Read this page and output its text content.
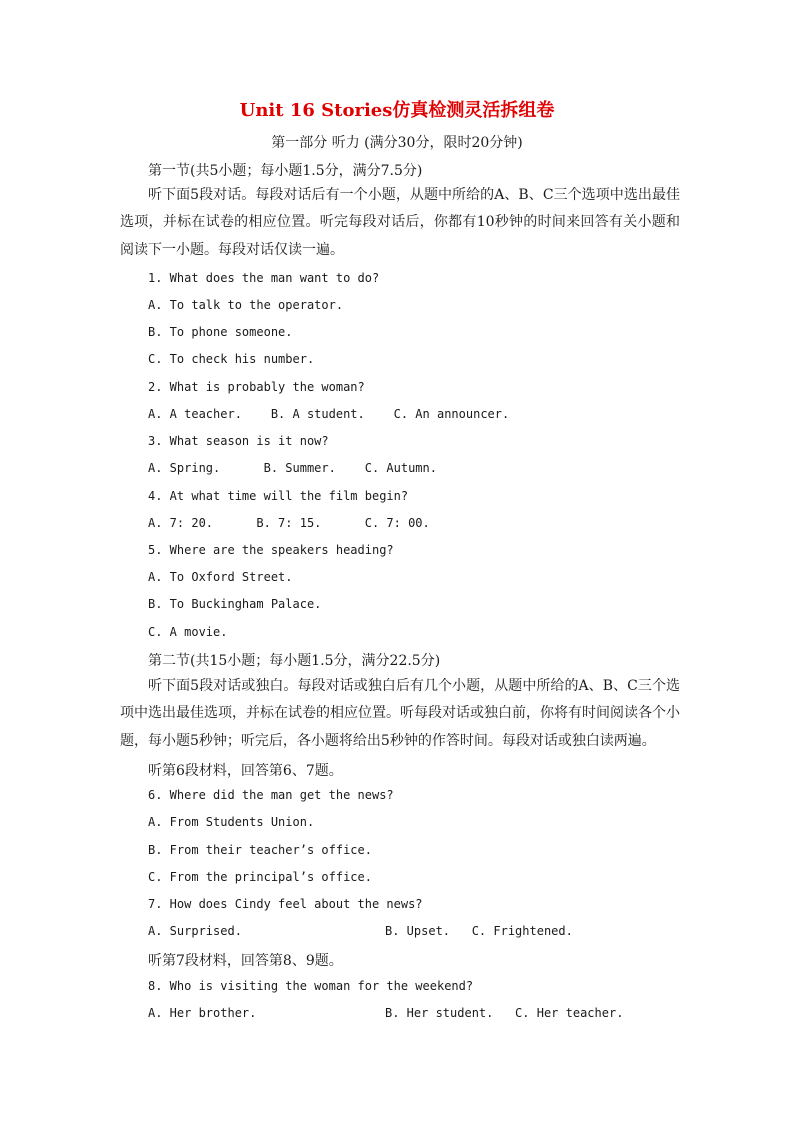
Unit 16 Stories仿真检测灵活拆组卷
第一部分 听力 (满分30分，限时20分钟)
第一节(共5小题；每小题1.5分，满分7.5分)
听下面5段对话。每段对话后有一个小题，从题中所给的A、B、C三个选项中选出最佳选项，并标在试卷的相应位置。听完每段对话后，你都有10秒钟的时间来回答有关小题和阅读下一小题。每段对话仅读一遍。
1. What does the man want to do?
A. To talk to the operator.
B. To phone someone.
C. To check his number.
2. What is probably the woman?
A. A teacher.    B. A student.    C. An announcer.
3. What season is it now?
A. Spring.      B. Summer.    C. Autumn.
4. At what time will the film begin?
A. 7: 20.      B. 7: 15.      C. 7: 00.
5. Where are the speakers heading?
A. To Oxford Street.
B. To Buckingham Palace.
C. A movie.
第二节(共15小题；每小题1.5分，满分22.5分)
听下面5段对话或独白。每段对话或独白后有几个小题，从题中所给的A、B、C三个选项中选出最佳选项，并标在试卷的相应位置。听每段对话或独白前，你将有时间阅读各个小题，每小题5秒钟；听完后，各小题将给出5秒钟的作答时间。每段对话或独白读两遍。
听第6段材料，回答第6、7题。
6. Where did the man get the news?
A. From Students Union.
B. From their teacher’s office.
C. From the principal’s office.
7. How does Cindy feel about the news?
A. Surprised.	B. Upset.   C. Frightened.
听第7段材料，回答第8、9题。
8. Who is visiting the woman for the weekend?
A. Her brother.	B. Her student.   C. Her teacher.
